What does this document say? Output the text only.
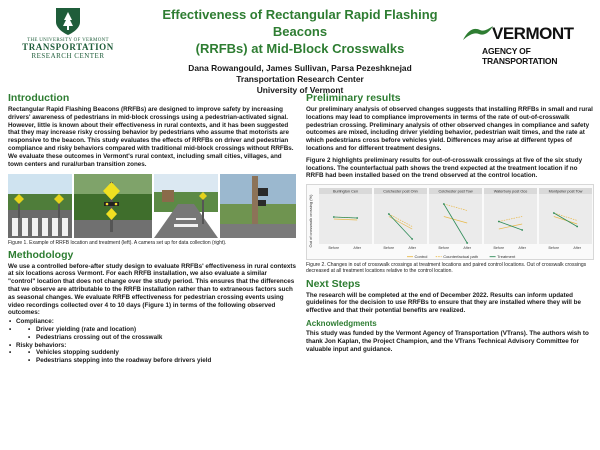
THE UNIVERSITY OF VERMONT
TRANSPORTATION
RESEARCH CENTER
Effectiveness of Rectangular Rapid Flashing Beacons
(RRFBs) at Mid-Block Crosswalks
Dana Rowangould, James Sullivan, Parsa Pezeshknejad
Transportation Research Center
University of Vermont
VERMONT
AGENCY OF TRANSPORTATION
Introduction

Rectangular Rapid Flashing Beacons (RRFBs) are designed to improve safety by increasing drivers' awareness of pedestrians in mid-block crossings using a pedestrian-activated signal. However, little is known about their effectiveness in rural contexts, and it has been suggested that they may increase risky crossing behavior by pedestrians who assume that motorists are responsive to the beacon. This study evaluates the effects of RRFBs on driver and pedestrian compliance and risky behaviors compared with traditional mid-block crossings without RRFBs. We evaluate these outcomes in Vermont's rural context, including small cities, villages, and town centers and rural/urban transition zones.

Figure 1. Example of RRFB location and treatment (left). A camera set up for data collection (right).
Methodology

We use a controlled before-after study design to evaluate RRFBs' effectiveness in rural contexts at six locations across Vermont. For each RRFB installation, we also evaluate a similar "control" location that does not change over the study period. This ensures that the differences that we observe are attributable to the RRFB installation rather than to extraneous factors such as seasonal changes. We evaluate RRFB effectiveness for pedestrian crossing events using video recordings collected over 4 to 10 days (Figure 1) in terms of the following observed outcomes:

• Compliance:
• • Driver yielding (rate and location)
• Pedestrians crossing out of the crosswalk
• Risky behaviors:
• • Vehicles stopping suddenly
• Pedestrians stepping into the roadway before drivers yield
Preliminary results

Our preliminary analysis of observed changes suggests that installing RRFBs in small and rural locations may lead to compliance improvements in terms of the rate of out-of-crosswalk pedestrian crossing. Preliminary analysis of other observed changes in compliance and safety outcomes are mixed, including driver yielding behavior, pedestrian wait times, and the rate at which pedestrians cross before vehicles yield. Differences may arise at different types of locations and for different treatment designs.

Figure 2 highlights preliminary results for out-of-crosswalk crossings at five of the six study locations. The counterfactual path shows the trend expected at the treatment location if no RRFB had been installed based on the trend observed at the control location.

Out of crosswalk crossing (%)
Burlington Cen
Before	After
Colchester post Onn
Before	After
Colchester post Tow
Before	After
Waterbury post Oce
Before	After
Montpelier post Tow
Before	After
Control	Counterfactual path	Treatment
Figure 2. Changes in out of crosswalk crossings at treatment locations and paired control locations. Out of crosswalk crossings decreased at all treatment locations relative to the control location.
Next Steps

The research will be completed at the end of December 2022. Results can inform updated guidelines for the decision to use RRFBs to ensure that they are installed where they will be effective and that their potential benefits are realized.

Acknowledgments

This study was funded by the Vermont Agency of Transportation (VTrans). The authors wish to thank Jon Kaplan, the Project Champion, and the VTrans Technical Advisory Committee for valuable input and guidance.
